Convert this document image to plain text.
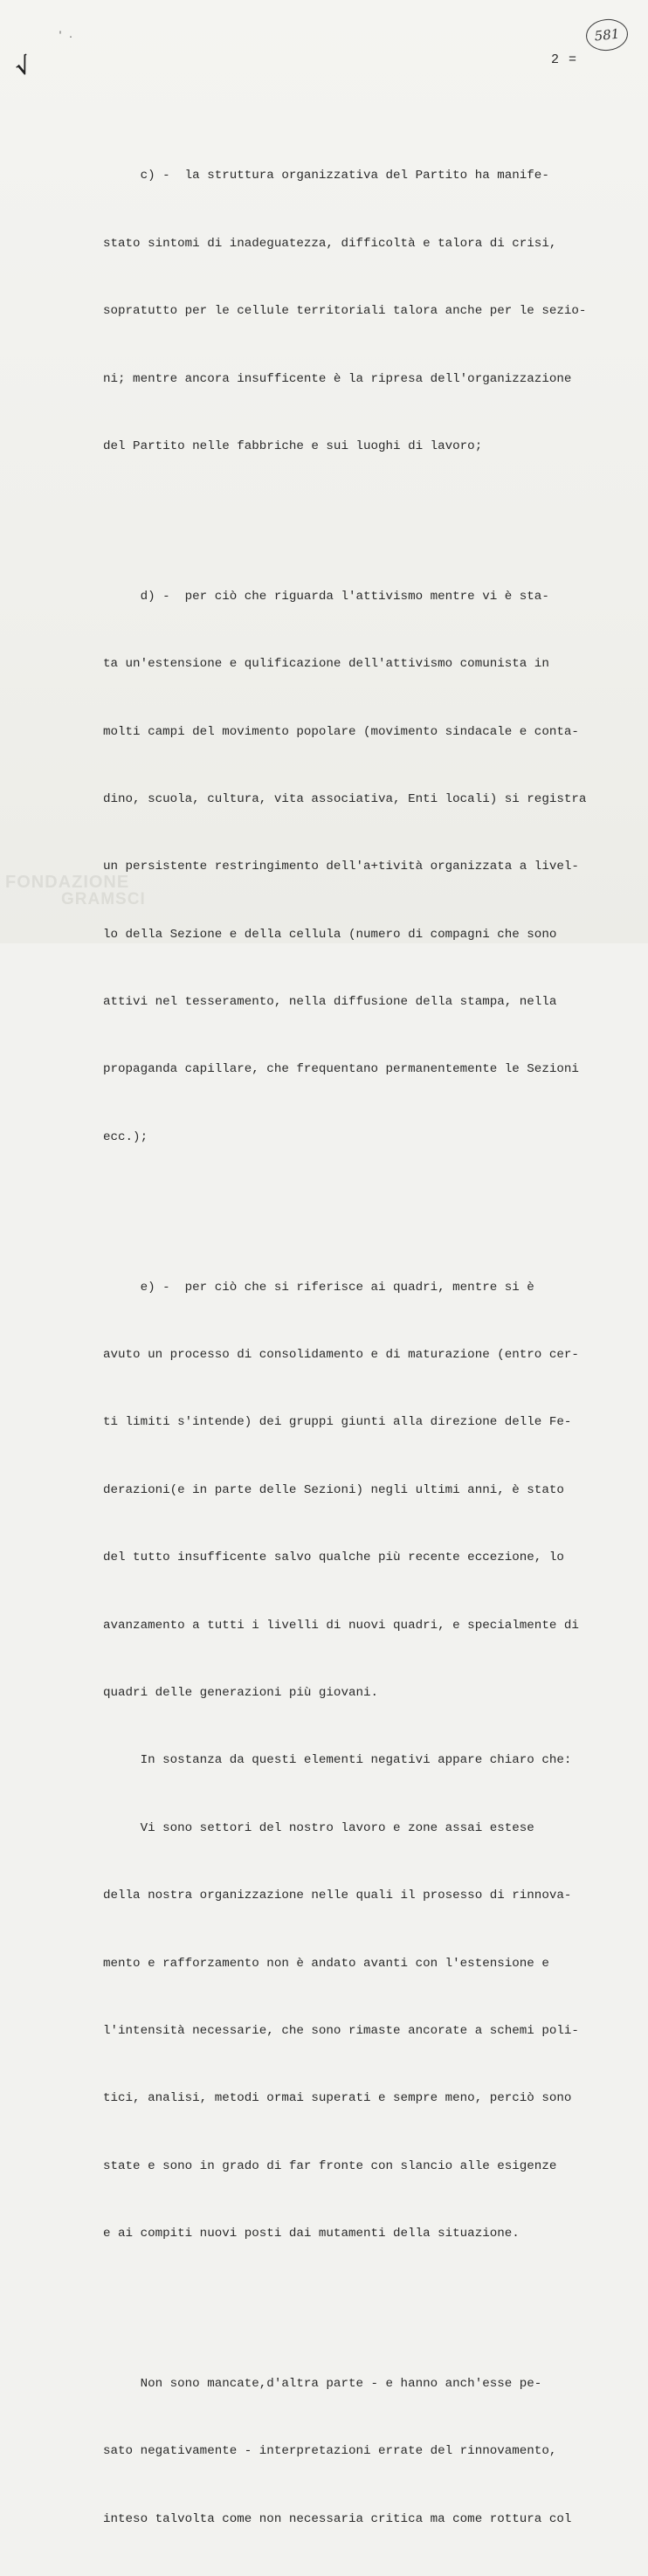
' .
√
581
2 =

c) -  la struttura organizzativa del Partito ha manife-

stato sintomi di inadeguatezza, difficoltà e talora di crisi,

sopratutto per le cellule territoriali talora anche per le sezio-

ni; mentre ancora insufficente è la ripresa dell'organizzazione

del Partito nelle fabbriche e sui luoghi di lavoro;

d) -  per ciò che riguarda l'attivismo mentre vi è sta-

ta un'estensione e qulificazione dell'attivismo comunista in

molti campi del movimento popolare (movimento sindacale e conta-

dino, scuola, cultura, vita associativa, Enti locali) si registra

un persistente restringimento dell'a+tività organizzata a livel-

lo della Sezione e della cellula (numero di compagni che sono

attivi nel tesseramento, nella diffusione della stampa, nella

propaganda capillare, che frequentano permanentemente le Sezioni

ecc.);

e) -  per ciò che si riferisce ai quadri, mentre si è

avuto un processo di consolidamento e di maturazione (entro cer-

ti limiti s'intende) dei gruppi giunti alla direzione delle Fe-

derazioni(e in parte delle Sezioni) negli ultimi anni, è stato

del tutto insufficente salvo qualche più recente eccezione, lo

avanzamento a tutti i livelli di nuovi quadri, e specialmente di

quadri delle generazioni più giovani.

In sostanza da questi elementi negativi appare chiaro che:

Vi sono settori del nostro lavoro e zone assai estese

della nostra organizzazione nelle quali il prosesso di rinnova-

mento e rafforzamento non è andato avanti con l'estensione e

l'intensità necessarie, che sono rimaste ancorate a schemi poli-

tici, analisi, metodi ormai superati e sempre meno, perciò sono

state e sono in grado di far fronte con slancio alle esigenze

e ai compiti nuovi posti dai mutamenti della situazione.

Non sono mancate,d'altra parte - e hanno anch'esse pe-

sato negativamente - interpretazioni errate del rinnovamento,

inteso talvolta come non necessaria critica ma come rottura col

FONDAZIONE
GRAMSCI
